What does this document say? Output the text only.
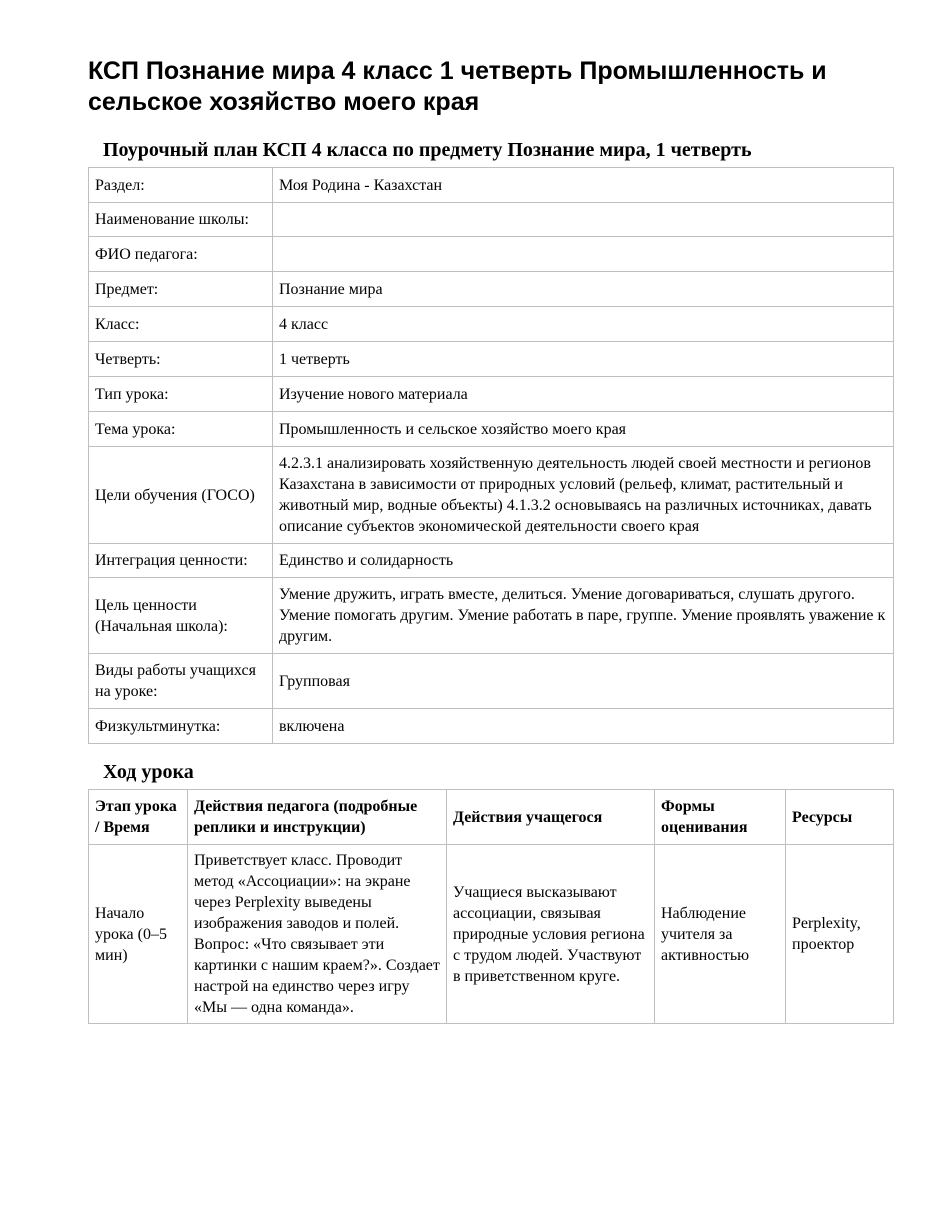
КСП Познание мира 4 класс 1 четверть Промышленность и сельское хозяйство моего края
Поурочный план КСП 4 класса по предмету Познание мира, 1 четверть
Раздел:	Моя Родина - Казахстан
Наименование школы:	
ФИО педагога:	
Предмет:	Познание мира
Класс:	4 класс
Четверть:	1 четверть
Тип урока:	Изучение нового материала
Тема урока:	Промышленность и сельское хозяйство моего края
Цели обучения (ГОСО)	4.2.3.1 анализировать хозяйственную деятельность людей своей местности и регионов Казахстана в зависимости от природных условий (рельеф, климат, растительный и животный мир, водные объекты) 4.1.3.2 основываясь на различных источниках, давать описание субъектов экономической деятельности своего края
Интеграция ценности:	Единство и солидарность
Цель ценности (Начальная школа):	Умение дружить, играть вместе, делиться. Умение договариваться, слушать другого. Умение помогать другим. Умение работать в паре, группе. Умение проявлять уважение к другим.
Виды работы учащихся на уроке:	Групповая
Физкультминутка:	включена
Ход урока
Этап урока / Время	Действия педагога (подробные реплики и инструкции)	Действия учащегося	Формы оценивания	Ресурсы
Начало урока (0–5 мин)	Приветствует класс. Проводит метод «Ассоциации»: на экране через Perplexity выведены изображения заводов и полей. Вопрос: «Что связывает эти картинки с нашим краем?». Создает настрой на единство через игру «Мы — одна команда».	Учащиеся высказывают ассоциации, связывая природные условия региона с трудом людей. Участвуют в приветственном круге.	Наблюдение учителя за активностью	Perplexity, проектор
